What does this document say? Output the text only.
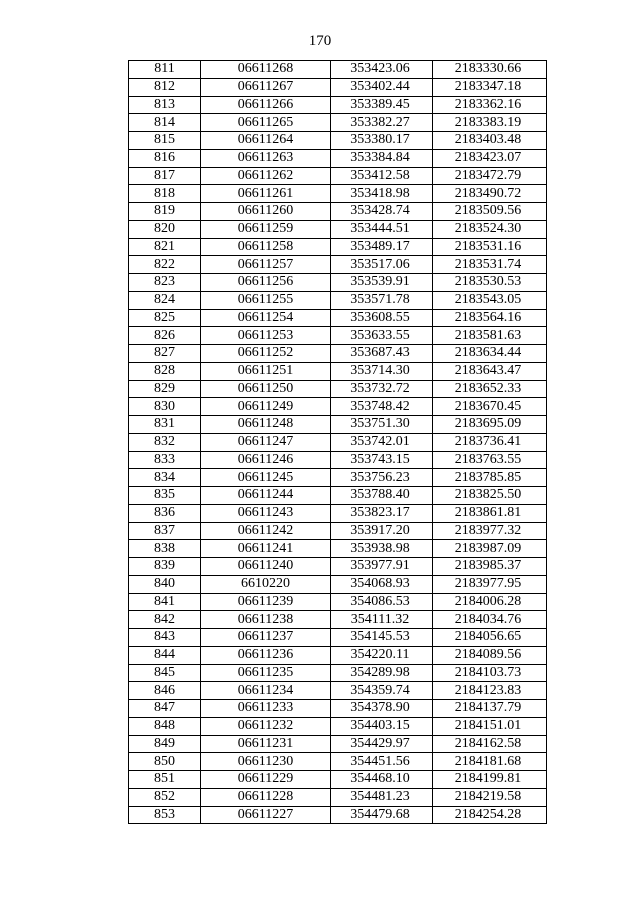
170
811	06611268	353423.06	2183330.66
812	06611267	353402.44	2183347.18
813	06611266	353389.45	2183362.16
814	06611265	353382.27	2183383.19
815	06611264	353380.17	2183403.48
816	06611263	353384.84	2183423.07
817	06611262	353412.58	2183472.79
818	06611261	353418.98	2183490.72
819	06611260	353428.74	2183509.56
820	06611259	353444.51	2183524.30
821	06611258	353489.17	2183531.16
822	06611257	353517.06	2183531.74
823	06611256	353539.91	2183530.53
824	06611255	353571.78	2183543.05
825	06611254	353608.55	2183564.16
826	06611253	353633.55	2183581.63
827	06611252	353687.43	2183634.44
828	06611251	353714.30	2183643.47
829	06611250	353732.72	2183652.33
830	06611249	353748.42	2183670.45
831	06611248	353751.30	2183695.09
832	06611247	353742.01	2183736.41
833	06611246	353743.15	2183763.55
834	06611245	353756.23	2183785.85
835	06611244	353788.40	2183825.50
836	06611243	353823.17	2183861.81
837	06611242	353917.20	2183977.32
838	06611241	353938.98	2183987.09
839	06611240	353977.91	2183985.37
840	6610220	354068.93	2183977.95
841	06611239	354086.53	2184006.28
842	06611238	354111.32	2184034.76
843	06611237	354145.53	2184056.65
844	06611236	354220.11	2184089.56
845	06611235	354289.98	2184103.73
846	06611234	354359.74	2184123.83
847	06611233	354378.90	2184137.79
848	06611232	354403.15	2184151.01
849	06611231	354429.97	2184162.58
850	06611230	354451.56	2184181.68
851	06611229	354468.10	2184199.81
852	06611228	354481.23	2184219.58
853	06611227	354479.68	2184254.28
